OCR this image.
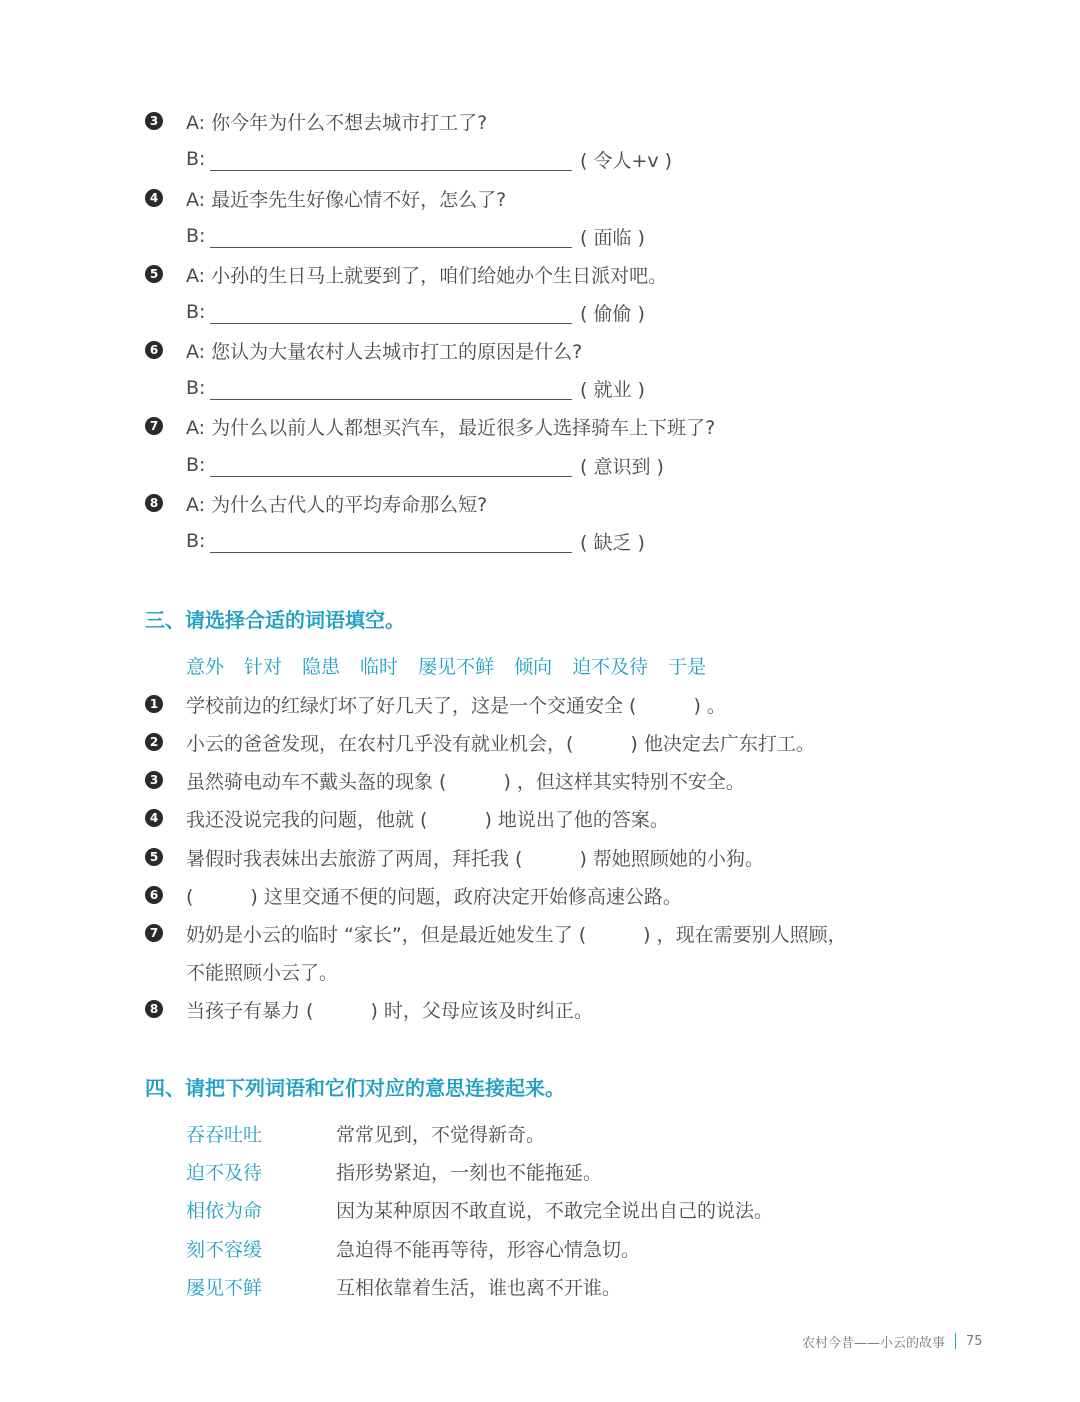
3 A: 你今年为什么不想去城市打工了?
B:	( 令人+v )
4 A: 最近李先生好像心情不好，怎么了?
B:	( 面临 )
5 A: 小孙的生日马上就要到了，咱们给她办个生日派对吧。
B:	( 偷偷 )
6 A: 您认为大量农村人去城市打工的原因是什么?
B:	( 就业 )
7 A: 为什么以前人人都想买汽车，最近很多人选择骑车上下班了?
B:	( 意识到 )
8 A: 为什么古代人的平均寿命那么短?
B:	( 缺乏 )
三、请选择合适的词语填空。
意外 针对 隐患 临时 屡见不鲜 倾向 迫不及待 于是
1 学校前边的红绿灯坏了好几天了，这是一个交通安全 (　　　) 。
2 小云的爸爸发现，在农村几乎没有就业机会，(　　　) 他决定去广东打工。
3 虽然骑电动车不戴头盔的现象 (　　　) ，但这样其实特别不安全。
4 我还没说完我的问题，他就 (　　　) 地说出了他的答案。
5 暑假时我表妹出去旅游了两周，拜托我 (　　　) 帮她照顾她的小狗。
6 (　　　) 这里交通不便的问题，政府决定开始修高速公路。
7 奶奶是小云的临时 “家长”，但是最近她发生了 (　　　) ，现在需要别人照顾，
不能照顾小云了。
8 当孩子有暴力 (　　　) 时，父母应该及时纠正。
四、请把下列词语和它们对应的意思连接起来。
吞吞吐吐	常常见到，不觉得新奇。
迫不及待	指形势紧迫，一刻也不能拖延。
相依为命	因为某种原因不敢直说，不敢完全说出自己的说法。
刻不容缓	急迫得不能再等待，形容心情急切。
屡见不鲜	互相依靠着生活，谁也离不开谁。
农村今昔——小云的故事 75
